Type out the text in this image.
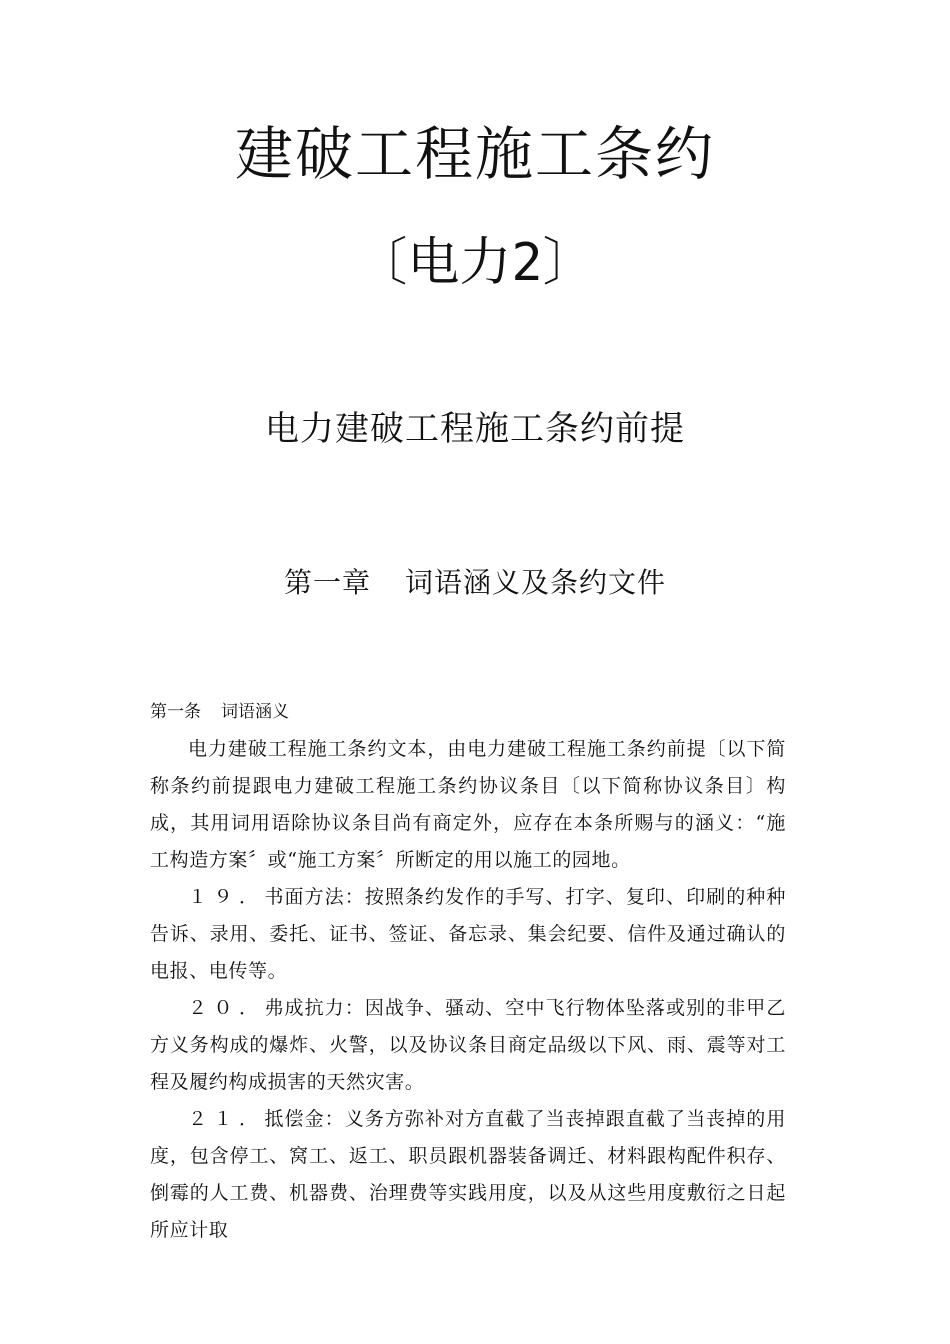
建破工程施工条约
〔电力2〕
电力建破工程施工条约前提
第一章 词语涵义及条约文件

第一条 词语涵义

电力建破工程施工条约文本，由电力建破工程施工条约前提〔以下简称条约前提跟电力建破工程施工条约协议条目〔以下简称协议条目〕构成，其用词用语除协议条目尚有商定外，应存在本条所赐与的涵义：“施工构造方案〞或“施工方案〞所断定的用以施工的园地。

１９．书面方法：按照条约发作的手写、打字、复印、印刷的种种告诉、录用、委托、证书、签证、备忘录、集会纪要、信件及通过确认的电报、电传等。

２０．弗成抗力：因战争、骚动、空中飞行物体坠落或别的非甲乙方义务构成的爆炸、火警，以及协议条目商定品级以下风、雨、震等对工程及履约构成损害的天然灾害。

２１．抵偿金：义务方弥补对方直截了当丧掉跟直截了当丧掉的用度，包含停工、窝工、返工、职员跟机器装备调迁、材料跟构配件积存、倒霉的人工费、机器费、治理费等实践用度，以及从这些用度敷衍之日起所应计取
